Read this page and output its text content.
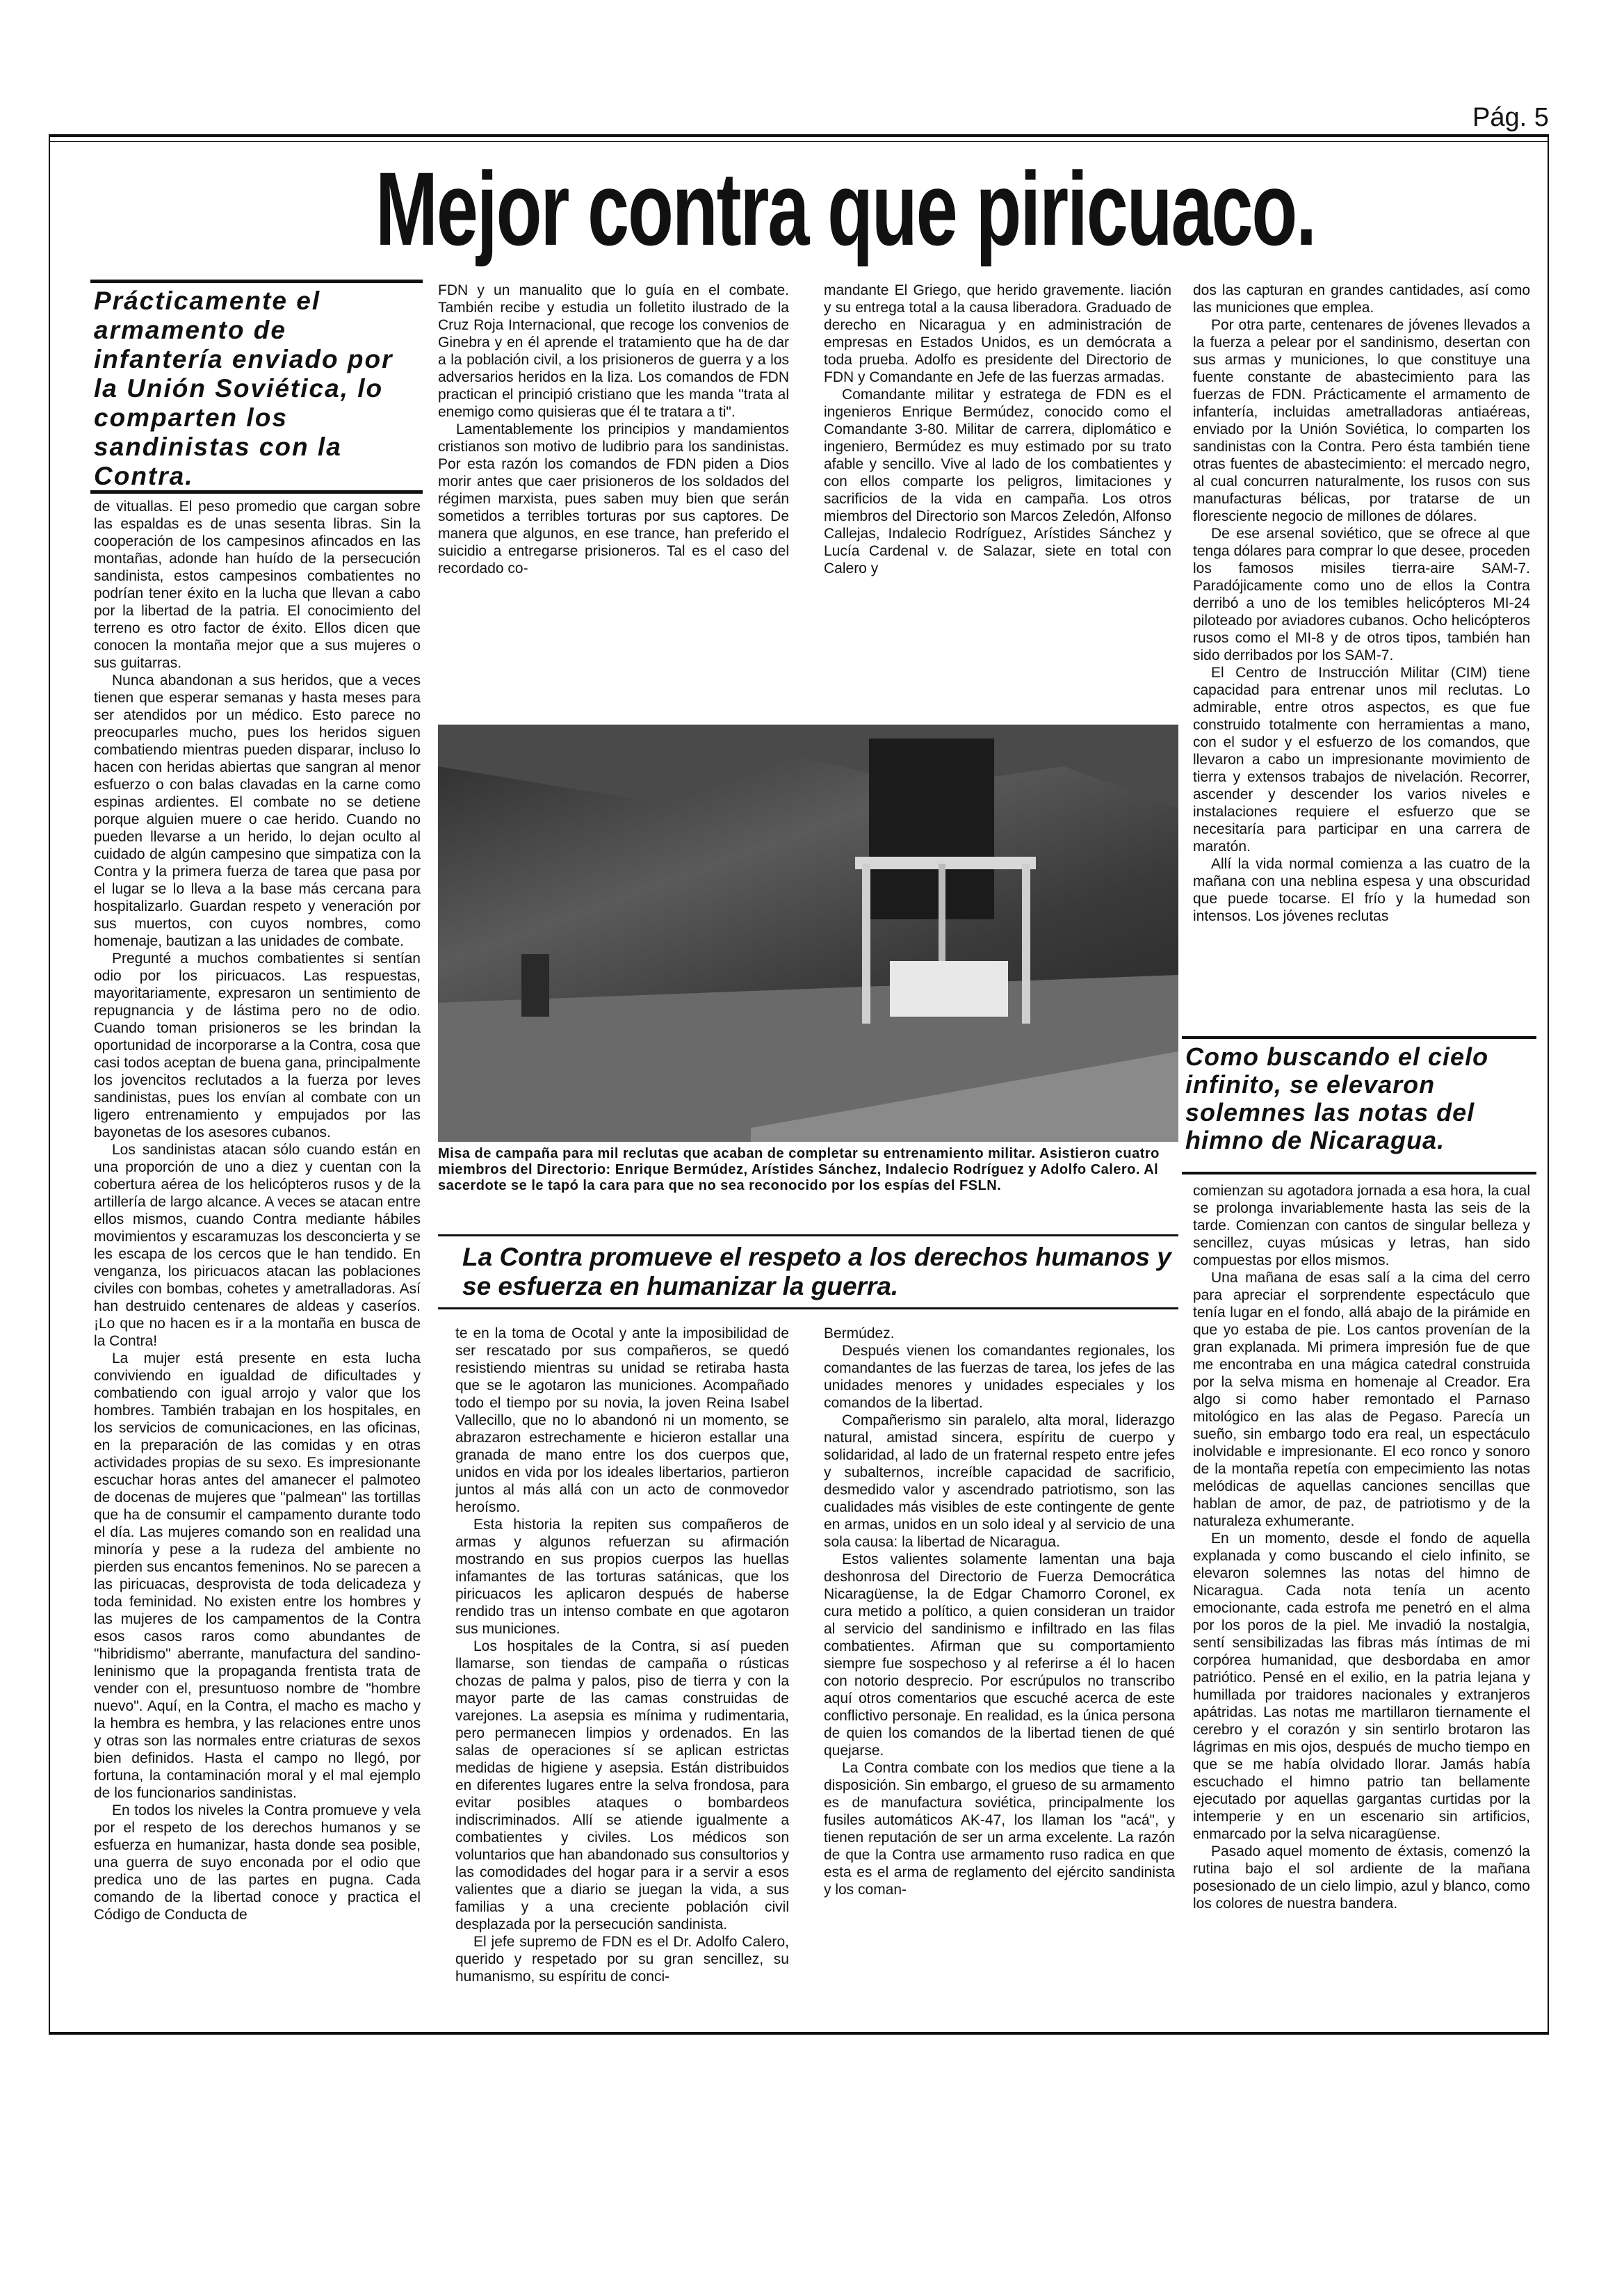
Pág. 5
Mejor contra que piricuaco.
Prácticamente el armamento de infantería enviado por la Unión Soviética, lo comparten los sandinistas con la Contra.

de vituallas. El peso promedio que cargan sobre las espaldas es de unas sesenta libras. Sin la cooperación de los campesinos afincados en las montañas, adonde han huído de la persecución sandinista, estos campesinos combatientes no podrían tener éxito en la lucha que llevan a cabo por la libertad de la patria. El conocimiento del terreno es otro factor de éxito. Ellos dicen que conocen la montaña mejor que a sus mujeres o sus guitarras.

Nunca abandonan a sus heridos, que a veces tienen que esperar semanas y hasta meses para ser atendidos por un médico. Esto parece no preocuparles mucho, pues los heridos siguen combatiendo mientras pueden disparar, incluso lo hacen con heridas abiertas que sangran al menor esfuerzo o con balas clavadas en la carne como espinas ardientes. El combate no se detiene porque alguien muere o cae herido. Cuando no pueden llevarse a un herido, lo dejan oculto al cuidado de algún campesino que simpatiza con la Contra y la primera fuerza de tarea que pasa por el lugar se lo lleva a la base más cercana para hospitalizarlo. Guardan respeto y veneración por sus muertos, con cuyos nombres, como homenaje, bautizan a las unidades de combate.

Pregunté a muchos combatientes si sentían odio por los piricuacos. Las respuestas, mayoritariamente, expresaron un sentimiento de repugnancia y de lástima pero no de odio. Cuando toman prisioneros se les brindan la oportunidad de incorporarse a la Contra, cosa que casi todos aceptan de buena gana, principalmente los jovencitos reclutados a la fuerza por leves sandinistas, pues los envían al combate con un ligero entrenamiento y empujados por las bayonetas de los asesores cubanos.

Los sandinistas atacan sólo cuando están en una proporción de uno a diez y cuentan con la cobertura aérea de los helicópteros rusos y de la artillería de largo alcance. A veces se atacan entre ellos mismos, cuando Contra mediante hábiles movimientos y escaramuzas los desconcierta y se les escapa de los cercos que le han tendido. En venganza, los piricuacos atacan las poblaciones civiles con bombas, cohetes y ametralladoras. Así han destruido centenares de aldeas y caseríos. ¡Lo que no hacen es ir a la montaña en busca de la Contra!

La mujer está presente en esta lucha conviviendo en igualdad de dificultades y combatiendo con igual arrojo y valor que los hombres. También trabajan en los hospitales, en los servicios de comunicaciones, en las oficinas, en la preparación de las comidas y en otras actividades propias de su sexo. Es impresionante escuchar horas antes del amanecer el palmoteo de docenas de mujeres que "palmean" las tortillas que ha de consumir el campamento durante todo el día. Las mujeres comando son en realidad una minoría y pese a la rudeza del ambiente no pierden sus encantos femeninos. No se parecen a las piricuacas, desprovista de toda delicadeza y toda feminidad. No existen entre los hombres y las mujeres de los campamentos de la Contra esos casos raros como abundantes de "hibridismo" aberrante, manufactura del sandino-leninismo que la propaganda frentista trata de vender con el, presuntuoso nombre de "hombre nuevo". Aquí, en la Contra, el macho es macho y la hembra es hembra, y las relaciones entre unos y otras son las normales entre criaturas de sexos bien definidos. Hasta el campo no llegó, por fortuna, la contaminación moral y el mal ejemplo de los funcionarios sandinistas.

En todos los niveles la Contra promueve y vela por el respeto de los derechos humanos y se esfuerza en humanizar, hasta donde sea posible, una guerra de suyo enconada por el odio que predica uno de las partes en pugna. Cada comando de la libertad conoce y practica el Código de Conducta de

FDN y un manualito que lo guía en el combate. También recibe y estudia un folletito ilustrado de la Cruz Roja Internacional, que recoge los convenios de Ginebra y en él aprende el tratamiento que ha de dar a la población civil, a los prisioneros de guerra y a los adversarios heridos en la liza. Los comandos de FDN practican el principió cristiano que les manda "trata al enemigo como quisieras que él te tratara a ti".

Lamentablemente los principios y mandamientos cristianos son motivo de ludibrio para los sandinistas. Por esta razón los comandos de FDN piden a Dios morir antes que caer prisioneros de los soldados del régimen marxista, pues saben muy bien que serán sometidos a terribles torturas por sus captores. De manera que algunos, en ese trance, han preferido el suicidio a entregarse prisioneros. Tal es el caso del recordado co-

mandante El Griego, que herido gravemente. liación y su entrega total a la causa liberadora. Graduado de derecho en Nicaragua y en administración de empresas en Estados Unidos, es un demócrata a toda prueba. Adolfo es presidente del Directorio de FDN y Comandante en Jefe de las fuerzas armadas.

Comandante militar y estratega de FDN es el ingenieros Enrique Bermúdez, conocido como el Comandante 3-80. Militar de carrera, diplomático e ingeniero, Bermúdez es muy estimado por su trato afable y sencillo. Vive al lado de los combatientes y con ellos comparte los peligros, limitaciones y sacrificios de la vida en campaña. Los otros miembros del Directorio son Marcos Zeledón, Alfonso Callejas, Indalecio Rodríguez, Arístides Sánchez y Lucía Cardenal v. de Salazar, siete en total con Calero y

dos las capturan en grandes cantidades, así como las municiones que emplea.

Por otra parte, centenares de jóvenes llevados a la fuerza a pelear por el sandinismo, desertan con sus armas y municiones, lo que constituye una fuente constante de abastecimiento para las fuerzas de FDN. Prácticamente el armamento de infantería, incluidas ametralladoras antiaéreas, enviado por la Unión Soviética, lo comparten los sandinistas con la Contra. Pero ésta también tiene otras fuentes de abastecimiento: el mercado negro, al cual concurren naturalmente, los rusos con sus manufacturas bélicas, por tratarse de un floresciente negocio de millones de dólares.

De ese arsenal soviético, que se ofrece al que tenga dólares para comprar lo que desee, proceden los famosos misiles tierra-aire SAM-7. Paradójicamente como uno de ellos la Contra derribó a uno de los temibles helicópteros MI-24 piloteado por aviadores cubanos. Ocho helicópteros rusos como el MI-8 y de otros tipos, también han sido derribados por los SAM-7.

El Centro de Instrucción Militar (CIM) tiene capacidad para entrenar unos mil reclutas. Lo admirable, entre otros aspectos, es que fue construido totalmente con herramientas a mano, con el sudor y el esfuerzo de los comandos, que llevaron a cabo un impresionante movimiento de tierra y extensos trabajos de nivelación. Recorrer, ascender y descender los varios niveles e instalaciones requiere el esfuerzo que se necesitaría para participar en una carrera de maratón.

Allí la vida normal comienza a las cuatro de la mañana con una neblina espesa y una obscuridad que puede tocarse. El frío y la humedad son intensos. Los jóvenes reclutas

Misa de campaña para mil reclutas que acaban de completar su entrenamiento militar. Asistieron cuatro miembros del Directorio: Enrique Bermúdez, Arístides Sánchez, Indalecio Rodríguez y Adolfo Calero. Al sacerdote se le tapó la cara para que no sea reconocido por los espías del FSLN.
Como buscando el cielo infinito, se elevaron solemnes las notas del himno de Nicaragua.
La Contra promueve el respeto a los derechos humanos y se esfuerza en humanizar la guerra.

te en la toma de Ocotal y ante la imposibilidad de ser rescatado por sus compañeros, se quedó resistiendo mientras su unidad se retiraba hasta que se le agotaron las municiones. Acompañado todo el tiempo por su novia, la joven Reina Isabel Vallecillo, que no lo abandonó ni un momento, se abrazaron estrechamente e hicieron estallar una granada de mano entre los dos cuerpos que, unidos en vida por los ideales libertarios, partieron juntos al más allá con un acto de conmovedor heroísmo.

Esta historia la repiten sus compañeros de armas y algunos refuerzan su afirmación mostrando en sus propios cuerpos las huellas infamantes de las torturas satánicas, que los piricuacos les aplicaron después de haberse rendido tras un intenso combate en que agotaron sus municiones.

Los hospitales de la Contra, si así pueden llamarse, son tiendas de campaña o rústicas chozas de palma y palos, piso de tierra y con la mayor parte de las camas construidas de varejones. La asepsia es mínima y rudimentaria, pero permanecen limpios y ordenados. En las salas de operaciones sí se aplican estrictas medidas de higiene y asepsia. Están distribuidos en diferentes lugares entre la selva frondosa, para evitar posibles ataques o bombardeos indiscriminados. Allí se atiende igualmente a combatientes y civiles. Los médicos son voluntarios que han abandonado sus consultorios y las comodidades del hogar para ir a servir a esos valientes que a diario se juegan la vida, a sus familias y a una creciente población civil desplazada por la persecución sandinista.

El jefe supremo de FDN es el Dr. Adolfo Calero, querido y respetado por su gran sencillez, su humanismo, su espíritu de conci-

Bermúdez.

Después vienen los comandantes regionales, los comandantes de las fuerzas de tarea, los jefes de las unidades menores y unidades especiales y los comandos de la libertad.

Compañerismo sin paralelo, alta moral, liderazgo natural, amistad sincera, espíritu de cuerpo y solidaridad, al lado de un fraternal respeto entre jefes y subalternos, increíble capacidad de sacrificio, desmedido valor y ascendrado patriotismo, son las cualidades más visibles de este contingente de gente en armas, unidos en un solo ideal y al servicio de una sola causa: la libertad de Nicaragua.

Estos valientes solamente lamentan una baja deshonrosa del Directorio de Fuerza Democrática Nicaragüense, la de Edgar Chamorro Coronel, ex cura metido a político, a quien consideran un traidor al servicio del sandinismo e infiltrado en las filas combatientes. Afirman que su comportamiento siempre fue sospechoso y al referirse a él lo hacen con notorio desprecio. Por escrúpulos no transcribo aquí otros comentarios que escuché acerca de este conflictivo personaje. En realidad, es la única persona de quien los comandos de la libertad tienen de qué quejarse.

La Contra combate con los medios que tiene a la disposición. Sin embargo, el grueso de su armamento es de manufactura soviética, principalmente los fusiles automáticos AK-47, los llaman los "acá", y tienen reputación de ser un arma excelente. La razón de que la Contra use armamento ruso radica en que esta es el arma de reglamento del ejército sandinista y los coman-

comienzan su agotadora jornada a esa hora, la cual se prolonga invariablemente hasta las seis de la tarde. Comienzan con cantos de singular belleza y sencillez, cuyas músicas y letras, han sido compuestas por ellos mismos.

Una mañana de esas salí a la cima del cerro para apreciar el sorprendente espectáculo que tenía lugar en el fondo, allá abajo de la pirámide en que yo estaba de pie. Los cantos provenían de la gran explanada. Mi primera impresión fue de que me encontraba en una mágica catedral construida por la selva misma en homenaje al Creador. Era algo si como haber remontado el Parnaso mitológico en las alas de Pegaso. Parecía un sueño, sin embargo todo era real, un espectáculo inolvidable e impresionante. El eco ronco y sonoro de la montaña repetía con empecimiento las notas melódicas de aquellas canciones sencillas que hablan de amor, de paz, de patriotismo y de la naturaleza exhumerante.

En un momento, desde el fondo de aquella explanada y como buscando el cielo infinito, se elevaron solemnes las notas del himno de Nicaragua. Cada nota tenía un acento emocionante, cada estrofa me penetró en el alma por los poros de la piel. Me invadió la nostalgia, sentí sensibilizadas las fibras más íntimas de mi corpórea humanidad, que desbordaba en amor patriótico. Pensé en el exilio, en la patria lejana y humillada por traidores nacionales y extranjeros apátridas. Las notas me martillaron tiernamente el cerebro y el corazón y sin sentirlo brotaron las lágrimas en mis ojos, después de mucho tiempo en que se me había olvidado llorar. Jamás había escuchado el himno patrio tan bellamente ejecutado por aquellas gargantas curtidas por la intemperie y en un escenario sin artificios, enmarcado por la selva nicaragüense.

Pasado aquel momento de éxtasis, comenzó la rutina bajo el sol ardiente de la mañana posesionado de un cielo limpio, azul y blanco, como los colores de nuestra bandera.
